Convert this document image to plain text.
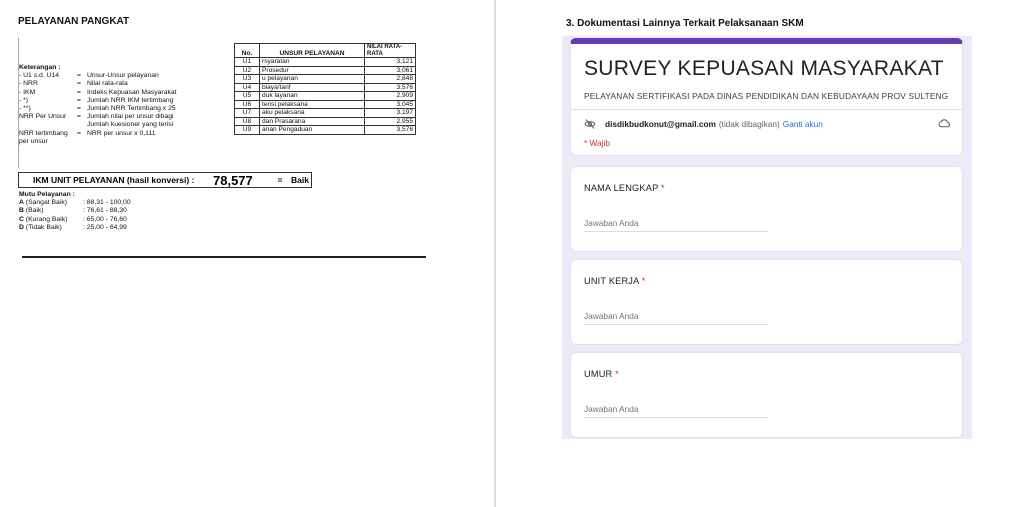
PELAYANAN PANGKAT
Keterangan :
- U1 s.d. U14	= Unsur-Unsur pelayanan
- NRR	= Nilai rata-rata
- IKM	= Indeks Kepuasan Masyarakat
- *)	= Jumlah NRR IKM tertimbang
- **)	= Jumlah NRR Tertimbang x 25
NRR Per Unsur	= Jumlah nilai per unsur dibagi
Jumlah kuesioner yang terisi
NRR tertimbang	= NRR per unsur x 0,111
per unsur
No.	UNSUR PELAYANAN	NILAI RATA-RATA
U1	rsyaratan	3,121
U2	Prosedur	3,061
U3	u pelayanan	2,848
U4	biaya/tarif	3,576
U5	duk layanan	2,909
U6	tensi pelaksana	3,045
U7	aku pelaksana	3,197
U8	dan Prasarana	2,955
U9	anan Pengaduan	3,576
IKM UNIT PELAYANAN (hasil konversi) :	78,577	=	Baik
Mutu Pelayanan :
A (Sangat Baik)	: 88,31 - 100,00
B (Baik)	: 76,61 - 88,30
C (Kurang Baik)	: 65,00 - 76,60
D (Tidak Baik)	: 25,00 - 64,99
3. Dokumentasi Lainnya Terkait Pelaksanaan SKM
SURVEY KEPUASAN MASYARAKAT
PELAYANAN SERTIFIKASI PADA DINAS PENDIDIKAN DAN KEBUDAYAAN PROV SULTENG
disdikbudkonut@gmail.com (tidak dibagikan) Ganti akun
* Wajib
NAMA LENGKAP *
Jawaban Anda
UNIT KERJA *
Jawaban Anda
UMUR *
Jawaban Anda
